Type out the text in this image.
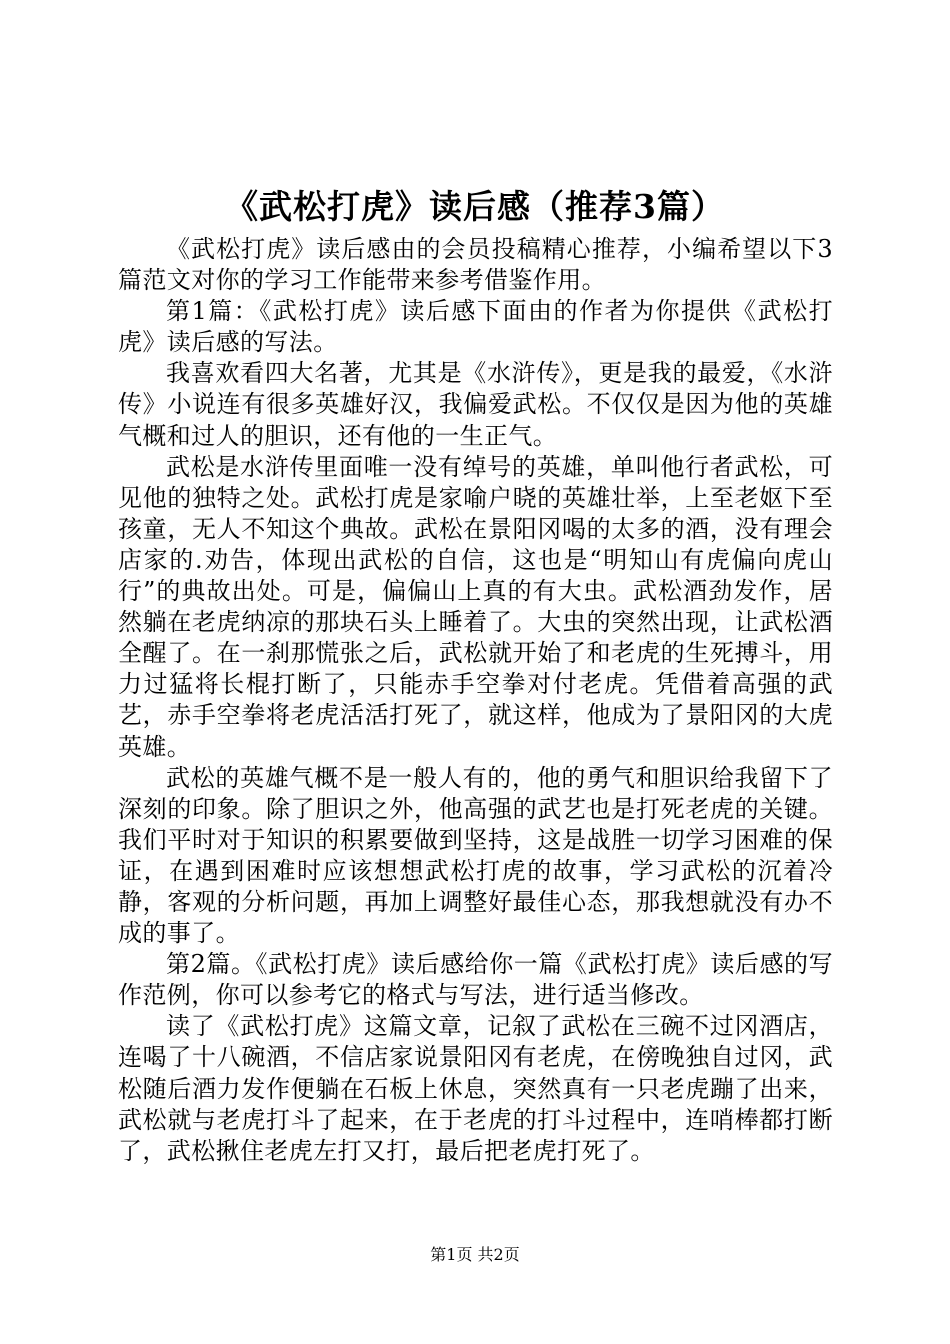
《武松打虎》读后感（推荐3篇）

《武松打虎》读后感由的会员投稿精心推荐，小编希望以下3篇范文对你的学习工作能带来参考借鉴作用。

第1篇：《武松打虎》读后感下面由的作者为你提供《武松打虎》读后感的写法。

我喜欢看四大名著，尤其是《水浒传》，更是我的最爱，《水浒传》小说连有很多英雄好汉，我偏爱武松。不仅仅是因为他的英雄气概和过人的胆识，还有他的一生正气。

武松是水浒传里面唯一没有绰号的英雄，单叫他行者武松，可见他的独特之处。武松打虎是家喻户晓的英雄壮举，上至老妪下至孩童，无人不知这个典故。武松在景阳冈喝的太多的酒，没有理会店家的.劝告，体现出武松的自信，这也是“明知山有虎偏向虎山行”的典故出处。可是，偏偏山上真的有大虫。武松酒劲发作，居然躺在老虎纳凉的那块石头上睡着了。大虫的突然出现，让武松酒全醒了。在一刹那慌张之后，武松就开始了和老虎的生死搏斗，用力过猛将长棍打断了，只能赤手空拳对付老虎。凭借着高强的武艺，赤手空拳将老虎活活打死了，就这样，他成为了景阳冈的大虎英雄。

武松的英雄气概不是一般人有的，他的勇气和胆识给我留下了深刻的印象。除了胆识之外，他高强的武艺也是打死老虎的关键。我们平时对于知识的积累要做到坚持，这是战胜一切学习困难的保证，在遇到困难时应该想想武松打虎的故事，学习武松的沉着冷静，客观的分析问题，再加上调整好最佳心态，那我想就没有办不成的事了。

第2篇。《武松打虎》读后感给你一篇《武松打虎》读后感的写作范例，你可以参考它的格式与写法，进行适当修改。

读了《武松打虎》这篇文章，记叙了武松在三碗不过冈酒店，连喝了十八碗酒，不信店家说景阳冈有老虎，在傍晚独自过冈，武松随后酒力发作便躺在石板上休息，突然真有一只老虎蹦了出来，武松就与老虎打斗了起来，在于老虎的打斗过程中，连哨棒都打断了，武松揪住老虎左打又打，最后把老虎打死了。

第1页 共2页
